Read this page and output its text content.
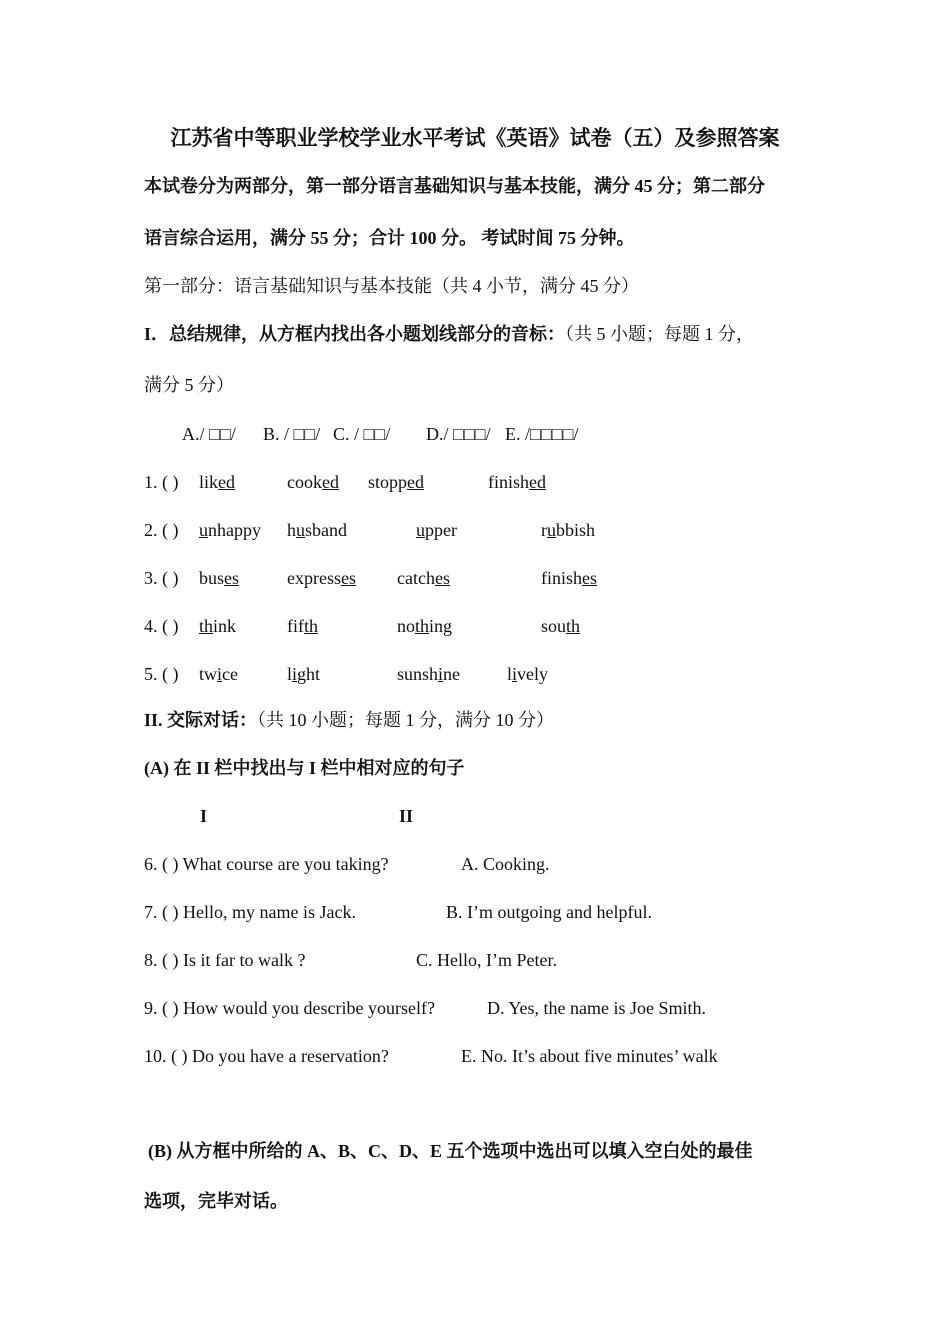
江苏省中等职业学校学业水平考试《英语》试卷（五）及参照答案
本试卷分为两部分，第一部分语言基础知识与基本技能，满分 45 分；第二部分
语言综合运用，满分 55 分；合计 100 分。 考试时间 75 分钟。
第一部分：语言基础知识与基本技能（共 4 小节，满分 45 分）
I．总结规律，从方框内找出各小题划线部分的音标：（共 5 小题；每题 1 分，
满分 5 分）
A./ □□/ B. / □□/ C. / □□/ D./ □□□/ E. /□□□□/
1. ( ) liked	cooked stopped	finished
2. ( ) unhappy husband	upper	rubbish
3. ( ) buses	expresses catches	finishes
4. ( ) think	fifth	nothing	south
5. ( ) twice	light	sunshine	lively
II. 交际对话：（共 10 小题；每题 1 分，满分 10 分）
(A) 在 II 栏中找出与 I 栏中相对应的句子
I	II
6. ( ) What course are you taking?	A. Cooking.
7. ( ) Hello, my name is Jack.	B. I’m outgoing and helpful.
8. ( ) Is it far to walk ?	C. Hello, I’m Peter.
9. ( ) How would you describe yourself?	D. Yes, the name is Joe Smith.
10. ( ) Do you have a reservation?	E. No. It’s about five minutes’ walk
(B) 从方框中所给的 A、B、C、D、E 五个选项中选出可以填入空白处的最佳
选项，完毕对话。
